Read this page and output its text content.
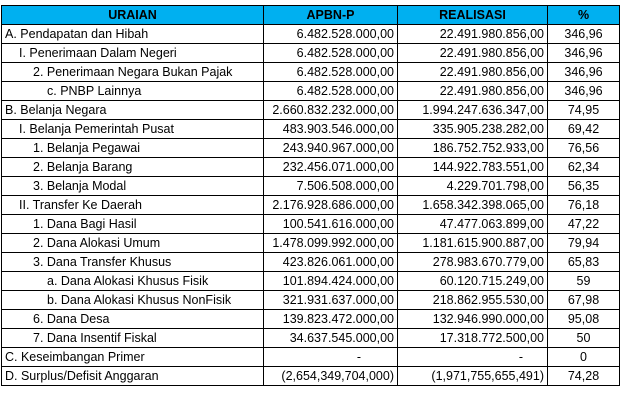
URAIAN	APBN-P	REALISASI	%
A. Pendapatan dan Hibah	6.482.528.000,00	22.491.980.856,00	346,96
I. Penerimaan Dalam Negeri	6.482.528.000,00	22.491.980.856,00	346,96
2. Penerimaan Negara Bukan Pajak	6.482.528.000,00	22.491.980.856,00	346,96
c. PNBP Lainnya	6.482.528.000,00	22.491.980.856,00	346,96
B. Belanja Negara	2.660.832.232.000,00	1.994.247.636.347,00	74,95
I. Belanja Pemerintah Pusat	483.903.546.000,00	335.905.238.282,00	69,42
1. Belanja Pegawai	243.940.967.000,00	186.752.752.933,00	76,56
2. Belanja Barang	232.456.071.000,00	144.922.783.551,00	62,34
3. Belanja Modal	7.506.508.000,00	4.229.701.798,00	56,35
II. Transfer Ke Daerah	2.176.928.686.000,00	1.658.342.398.065,00	76,18
1. Dana Bagi Hasil	100.541.616.000,00	47.477.063.899,00	47,22
2. Dana Alokasi Umum	1.478.099.992.000,00	1.181.615.900.887,00	79,94
3. Dana Transfer Khusus	423.826.061.000,00	278.983.670.779,00	65,83
a. Dana Alokasi Khusus Fisik	101.894.424.000,00	60.120.715.249,00	59
b. Dana Alokasi Khusus NonFisik	321.931.637.000,00	218.862.955.530,00	67,98
6. Dana Desa	139.823.472.000,00	132.946.990.000,00	95,08
7. Dana Insentif Fiskal	34.637.545.000,00	17.318.772.500,00	50
C. Keseimbangan Primer	-	-	0
D. Surplus/Defisit Anggaran	(2,654,349,704,000)	(1,971,755,655,491)	74,28
